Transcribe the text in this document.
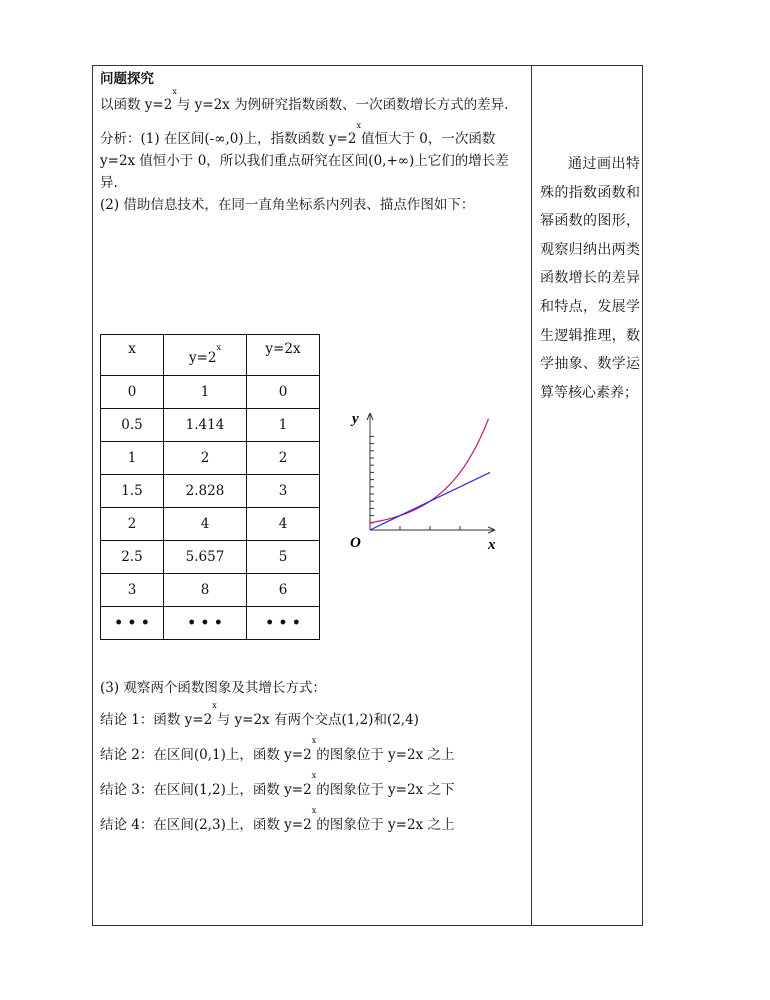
问题探究

以函数 $y=2^x$与 y=2x 为例研究指数函数、一次函数增长方式的差异.

分析：(1) 在区间(-∞,0)上，指数函数 $y=2^x$值恒大于 0，一次函数 y=2x 值恒小于 0，所以我们重点研究在区间(0,+∞)上它们的增长差异.

(2) 借助信息技术，在同一直角坐标系内列表、描点作图如下：

x	$y=2^x$	y=2x
0	1	0
0.5	1.414	1
1	2	2
1.5	2.828	3
2	4	4
2.5	5.657	5
3	8	6
• • •	• • •	• • •
y
x
O

(3) 观察两个函数图象及其增长方式：

结论 1：函数 $y=2^x$与 y=2x 有两个交点(1,2)和(2,4)

结论 2：在区间(0,1)上，函数 $y=2^x$的图象位于 y=2x 之上

结论 3：在区间(1,2)上，函数 $y=2^x$的图象位于 y=2x 之下

结论 4：在区间(2,3)上，函数 $y=2^x$的图象位于 y=2x 之上

通过画出特殊的指数函数和幂函数的图形，观察归纳出两类函数增长的差异和特点，发展学生逻辑推理，数学抽象、数学运算等核心素养；
